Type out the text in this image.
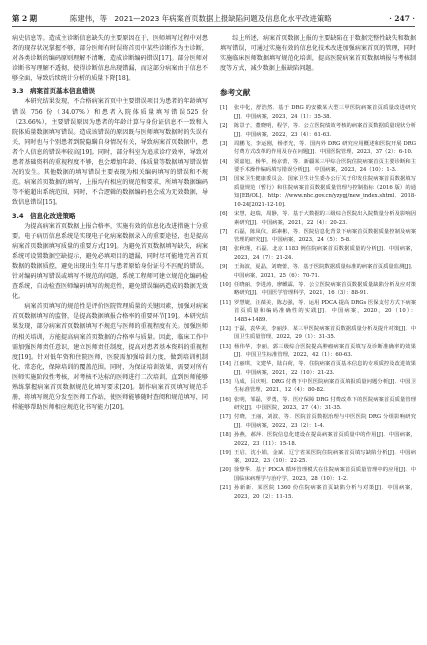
第 2 期	陈建伟，等　2021—2023 年病案首页数据上报缺陷问题及信息化水平改进策略	· 247 ·

病史信息等。造成主诊断信息缺失的主要原因在于，医师填写过程中对患者的现存状况掌握不够，部分医师有时误将首页中某些诊断作为主诊断，对各类诊断的编码原则理解不清晰，造成诊断编码错误[17]。部分医师对诊断书写理解不透彻，使得诊断信息出现错漏，而这部分病案由于信息不够全面，导致后续统计分析的质量下降[18]。

3.3　病案首页基本信息错误

本研究结果发现，不合格病案首页中主要错误项目为患者的年龄填写错误 756 份（34.07%）和患者入院体质量填写错误525 份（23.66%），主要错误原因为患者的年龄计算与身份证信息不一致和入院体质量数据填写错误。造成该错误的原因既与医师填写数据时的失误有关，同时也与个别患者到院隐瞒自身情况有关，导致病案首页数据中，患者个人信息的错误率较高[19]。同时，部分科室为追求诊疗效率，导致对患者基础资料的重视程度不够，也会增加年龄、体质量等数据填写错误情况的发生。其他数据的填写错误主要表现为相关编码填写的错误和不规范。病案首页数据的填写，上报均有相应的规范和要求，所填写数据编码等不能超出系统范围，同时，不合逻辑的数据编码也会成为无效数据，导致信息错误[15]。

3.4　信息化改进策略

为提高病案首页数据上报合格率，实施有效的信息化改进措施十分重要。电子病历信息系统是实现电子化病案数据录入的重要途径，也是提高病案首页数据填写质量的重要方式[19]。为避免首页数据填写缺失，病案系统可设置数据空缺提示，避免必填项目的遗漏，同时尽可能地完善首页数据的数据质控，避免出现出生年月与患者原始身份证号不匹配的错误。针对编码填写错误或填写不规范的问题，系统工程师可建立规范化编码检查系统，自动检查医师编码填写的规范性，避免错误编码造成的数据无效化。

病案首页填写的规范性是评价医院管理质量的关键因素，加强对病案首页数据填写的监督，是提高数据填报合格率的重要环节[19]。本研究结果发现，部分病案首页数据填写不规范与医师的重视程度有关。加强医师的相关培训，方能提高病案首页数据的合格率与质量。因此，临床工作中需加强医师责任意识，建立医师责任制度，提高对患者基本资料的重视程度[19]。针对低年资和住院医师，医院需加强培训力度，做到培训机制化、常态化，保障培训的覆盖范围。同时，为保证培训效果，需要对所有医师实施阶段性考核，对考核不达标的医师进行二次培训，直到医师能够熟练掌握病案首页数据规范化填写要求[20]。制作病案首页填写规范手册，将填写规范分发至医师工作站，使医师能够随时查阅和规范填写，同样能够帮助医师相应规范化书写能力[20]。

综上所述，病案首页数据上报的主要缺陷在于数据完整性缺失和数据填写错误，可通过实施有效的信息化技术改进加强病案首页的管理，同时实施临床医师数据填写规范化培训，提高医院病案首页数据填报与考核制度等方式，减少数据上报缺陷问题。

参考文献
[1] 张中化，舒浩然．基于 DRG 的安徽某大型三甲医院病案首页质量改进研究[J]．中国病案，2023，24（1）：35-38.
[2] 陈景子，董晓明，程学，等．公立医院绩效考核的病案首页数据质量现状分析[J]．中国病案，2022，23（4）：61-63.
[3] 周鹏飞，李运刚，杨孝光，等．国内外 DRG 研究应用概述和医院开展 DRG 付费方式改革的作用及存在问题[J]．中国医院管理，2023，37（2）：6-10.
[4] 贾嘉旭，杨华，杨京蕾，等．新疆某三甲综合医院住院病案首页主要诊断和主要手术操作编码填写错误分析[J]．中国病案，2023，24（10）：1-3.
[5] 国家卫生健康委员会．国家卫生计生委办公厅关于印发住院病案首页数据填写质量规范（暂行）和住院病案首页数据质量管理与控制指标（2016 版）的通知[EB/OL]．http：//www.nhc.gov.cn/yzygj/new_index.shtml．2018-10-24[2021-12-10].
[6] 宋慧，赵瑞，周静，等．基于大数据的三级综合医院出入院数量分析及影响因素研究[J]．中国病案，2021，22（4）：20-23.
[7] 石磊，陈凤仪，邱素彬，等．医院信息化背景下病案首页数据质量控制及病案管理的研究[J]．中国病案，2023，24（5）：5-8.
[8] 张秋瑾，石磊．北京 1183 例住院病案首页数据质量的分析[J]．中国病案，2023，24（7）：21-24.
[9] 王海波，夏晶，刘晓蕾，等．基于医院数据质量标准的病案首页质量监测[J]．中国病案，2021，25（6）：70-71.
[10] 任晓丽，李进涛，廖麒霖，等．公立医院病案首页数据质量缺陷分析及应对策略研究[J]．中国医学管理科学，2021，16（3）：88-91.
[11] 罗慧婕，汪葆美，陈志强，等．运用 PDCA 提高 DRGs 医保支付方式下病案首页质量和编码准确性的实践[J]．中国病案，2020，20（10）：1485+1489.
[12] 于磊，袁华美，李丽莎．某三甲医院病案首页数据质量分析及提升对策[J]．中国卫生质量管理，2022，29（1）：31-35.
[13] 杨伟华，李丽，郭三级综合医院提高肿瘤病案首页填写及诊断准确率的效果[J]．中国卫生标准管理，2022，42（1）：60-63.
[14] 江丽琪，文建华，陆白荷，等．住院病案首页基本信息的专项质控及改进效果[J]．中国病案，2021，22（10）：21-23.
[15] 马成，吕庆明．DRG 付费下中医医院病案首页填报质量问题分析[J]．中国卫生标准管理，2021，12（4）：80-82.
[16] 张明，邹磊，罗勇，等．医疗保障 DRG 付费改革下的医院病案首页质量管理研究[J]．中国医院，2023，27（4）：31-35.
[17] 付晓，王丽，刘波，等．医院首页数据治理与中医医院 DRG 分组影响研究[J]．中国病案，2022，23（2）：1-4.
[18] 孙燕，郝萍．医院信息化建设在提高病案首页质量中的作用[J]．中国病案，2022，23（11）：15-18.
[19] 王启，沈小娟，金斌．辽宁省某医院住院病案首页填写缺陷分析[J]．中国病案，2022，23（10）：22-25.
[20] 徐黎华．基于 PDCA 循环管理模式在住院病案首页质量管理中的应用[J]．中国临床病理学与治疗学，2023，28（10）：1-2.
[21] 孙新新．某医院 1360 份住院病案首页缺陷分析与对策[J]．中国病案，2023，20（2）：11-15.
